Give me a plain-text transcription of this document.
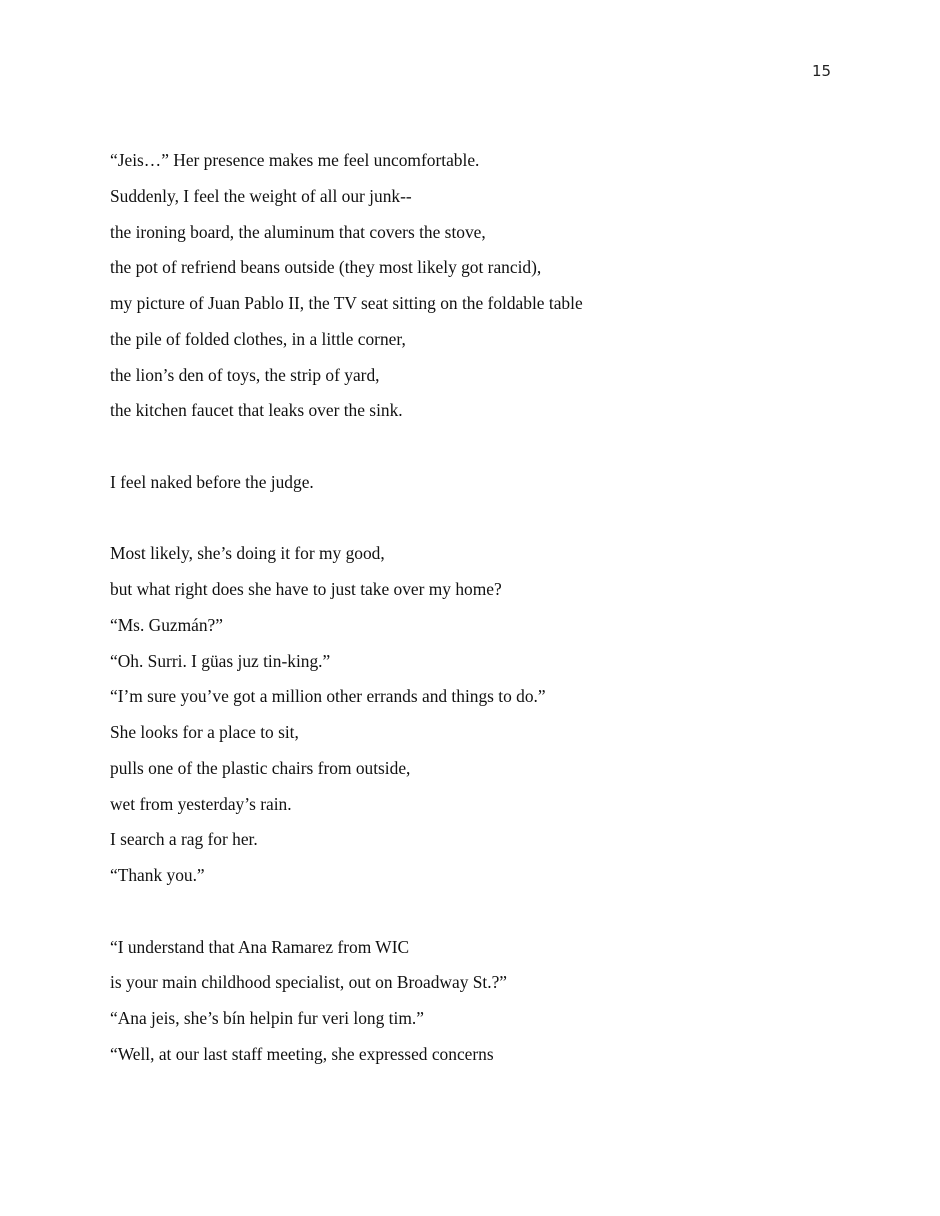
15
“Jeis…” Her presence makes me feel uncomfortable.
Suddenly, I feel the weight of all our junk--
the ironing board, the aluminum that covers the stove,
the pot of refriend beans outside (they most likely got rancid),
my picture of Juan Pablo II, the TV seat sitting on the foldable table
the pile of folded clothes, in a little corner,
the lion’s den of toys, the strip of yard,
the kitchen faucet that leaks over the sink.
I feel naked before the judge.
Most likely, she’s doing it for my good,
but what right does she have to just take over my home?
“Ms. Guzmán?”
“Oh. Surri. I güas juz tin-king.”
“I’m sure you’ve got a million other errands and things to do.”
She looks for a place to sit,
pulls one of the plastic chairs from outside,
wet from yesterday’s rain.
I search a rag for her.
“Thank you.”
“I understand that Ana Ramarez from WIC
is your main childhood specialist, out on Broadway St.?”
“Ana jeis, she’s bín helpin fur veri long tim.”
“Well, at our last staff meeting, she expressed concerns
